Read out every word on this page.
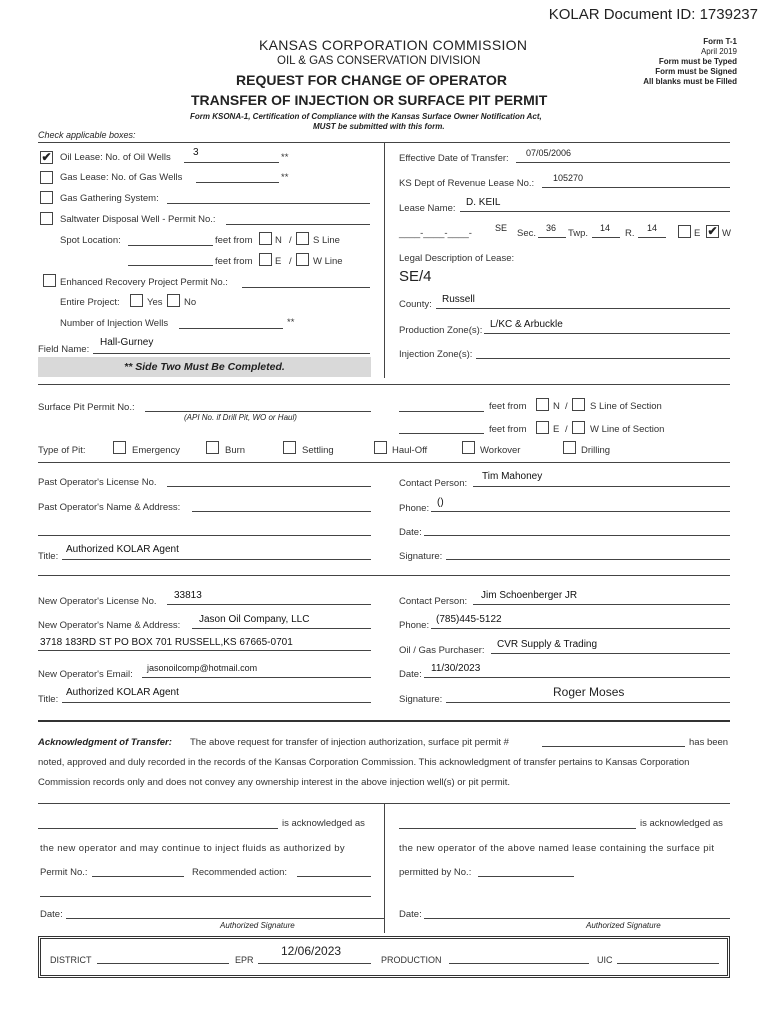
KOLAR Document ID: 1739237
KANSAS CORPORATION COMMISSION
OIL & GAS CONSERVATION DIVISION
REQUEST FOR CHANGE OF OPERATOR
TRANSFER OF INJECTION OR SURFACE PIT PERMIT
Form KSONA-1, Certification of Compliance with the Kansas Surface Owner Notification Act,
MUST be submitted with this form.
Form T-1
April 2019
Form must be Typed
Form must be Signed
All blanks must be Filled
Check applicable boxes:
✔ Oil Lease: No. of Oil Wells 3	**
Gas Lease: No. of Gas Wells	**
Gas Gathering System:
Saltwater Disposal Well - Permit No.:
Spot Location:	feet from N / S Line
feet from E / W Line
Enhanced Recovery Project Permit No.:
Entire Project:	Yes No
Number of Injection Wells	**
Field Name:
Hall-Gurney
** Side Two Must Be Completed.
Effective Date of Transfer: 07/05/2006
KS Dept of Revenue Lease No.: 105270
Lease Name:
D. KEIL
____-____-____-	SE Sec. 36 Twp. 14 R. 14	E ✔ W
Legal Description of Lease:
SE/4
County: Russell
Production Zone(s):
L/KC & Arbuckle
Injection Zone(s):
Surface Pit Permit No.:
(API No. if Drill Pit, WO or Haul)
feet from	N / S Line of Section
feet from	E / W Line of Section
Type of Pit:	Emergency	Burn	Settling	Haul-Off	Workover	Drilling
Past Operator's License No.
Past Operator's Name & Address:
Title:
Authorized KOLAR Agent
Contact Person:
Tim Mahoney
Phone:
()
Date:
Signature:
New Operator's License No.
33813
New Operator's Name & Address:
Jason Oil Company, LLC
3718 183RD ST PO BOX 701 RUSSELL,KS 67665-0701
New Operator's Email:
jasonoilcomp@hotmail.com
Title:
Authorized KOLAR Agent
Contact Person:
Jim Schoenberger JR
Phone:
(785)445-5122
Oil / Gas Purchaser:
CVR Supply & Trading
Date:
11/30/2023
Signature:
Roger Moses
Acknowledgment of Transfer: The above request for transfer of injection authorization, surface pit permit #	has been
noted, approved and duly recorded in the records of the Kansas Corporation Commission. This acknowledgment of transfer pertains to Kansas Corporation
Commission records only and does not convey any ownership interest in the above injection well(s) or pit permit.
is acknowledged as
the new operator and may continue to inject fluids as authorized by
Permit No.:	Recommended action:
Date:
Authorized Signature
is acknowledged as
the new operator of the above named lease containing the surface pit
permitted by No.:
Date:
Authorized Signature
DISTRICT	EPR
12/06/2023
PRODUCTION	UIC
